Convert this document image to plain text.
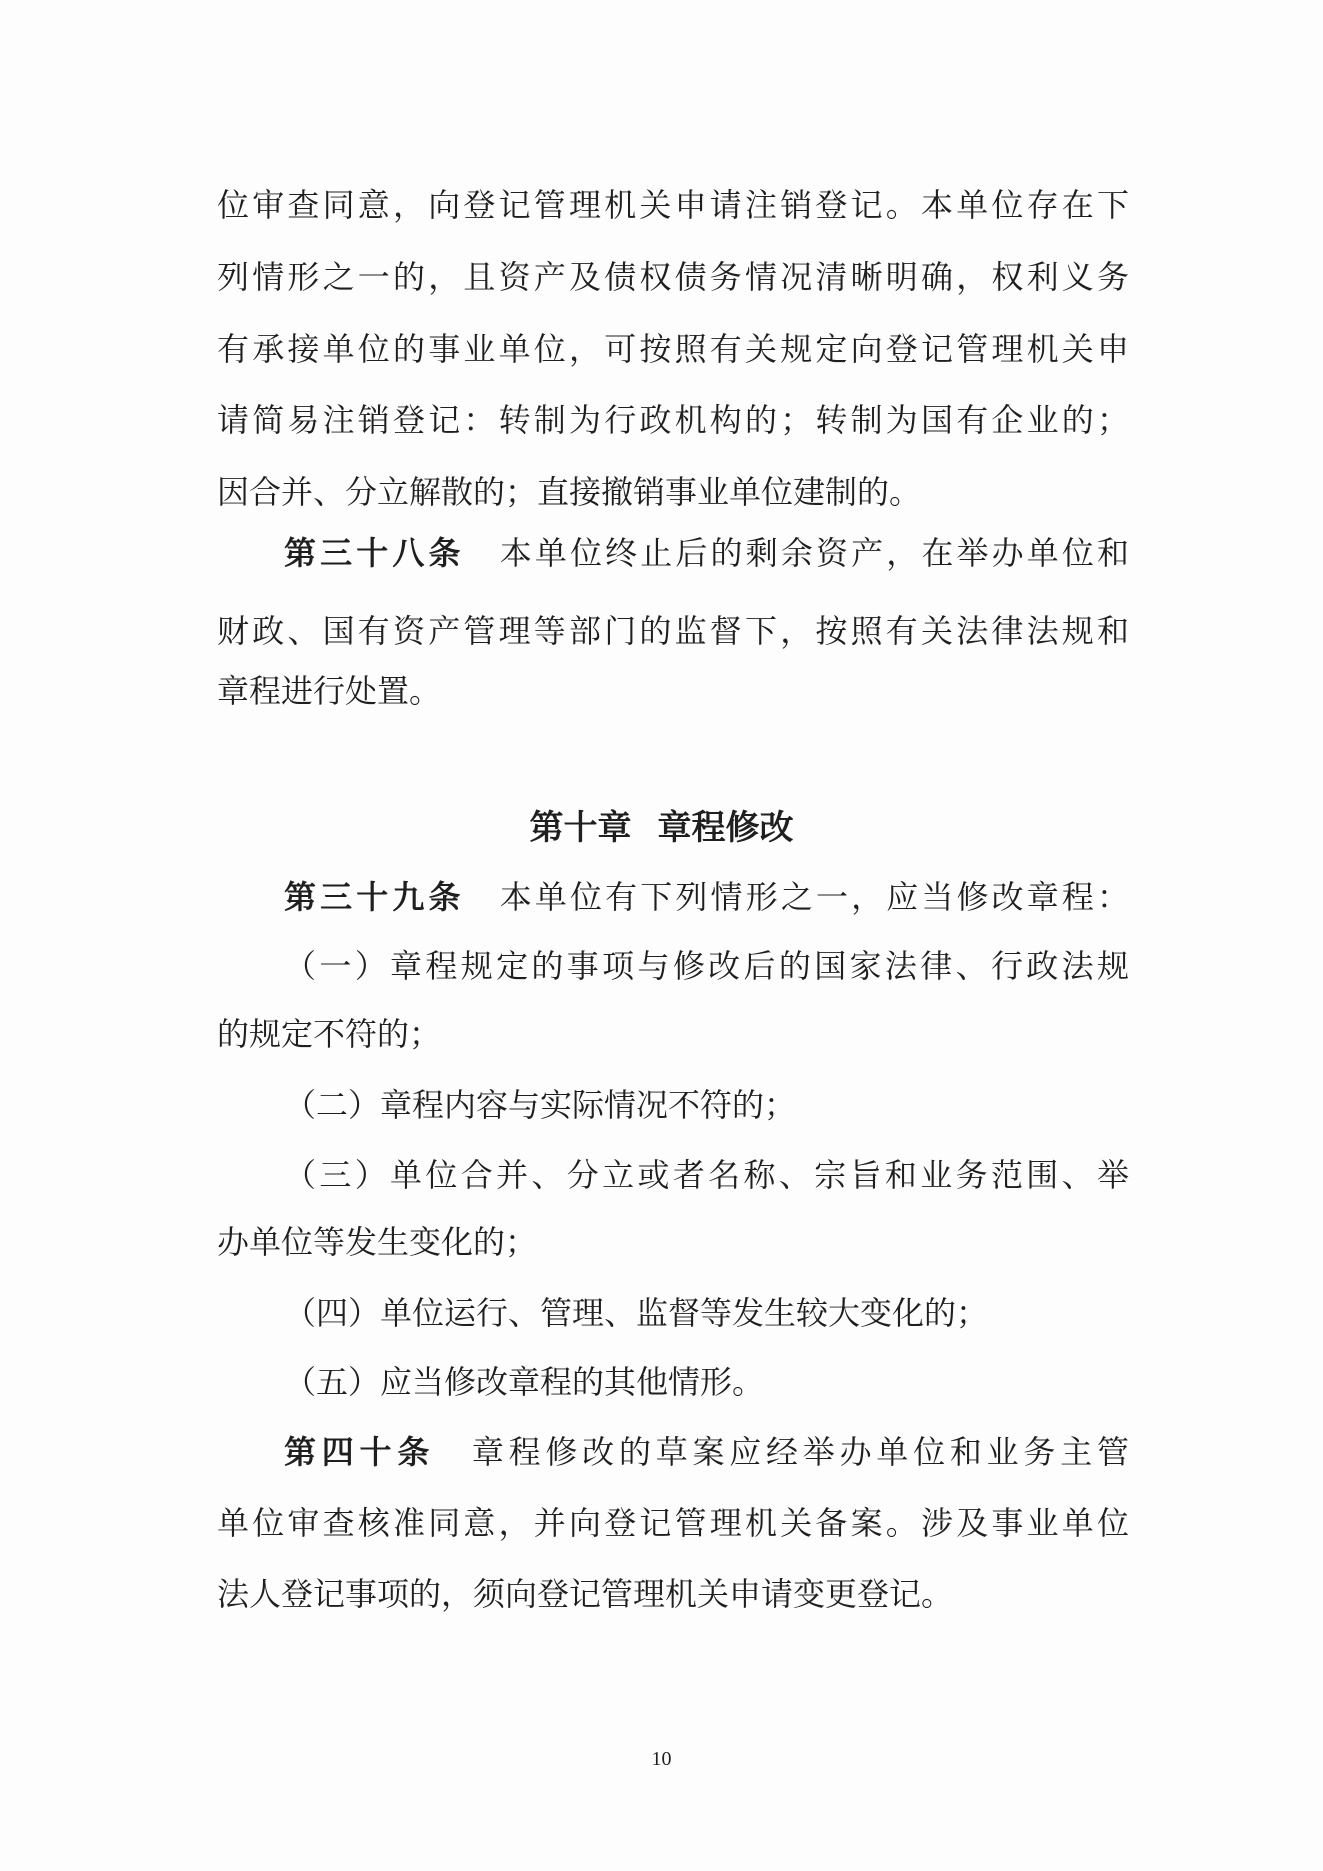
位审查同意，向登记管理机关申请注销登记。本单位存在下
列情形之一的，且资产及债权债务情况清晰明确，权利义务
有承接单位的事业单位，可按照有关规定向登记管理机关申
请简易注销登记：转制为行政机构的；转制为国有企业的；
因合并、分立解散的；直接撤销事业单位建制的。
第三十八条 本单位终止后的剩余资产，在举办单位和
财政、国有资产管理等部门的监督下，按照有关法律法规和
章程进行处置。
第十章 章程修改
第三十九条 本单位有下列情形之一，应当修改章程：
（一）章程规定的事项与修改后的国家法律、行政法规
的规定不符的；
（二）章程内容与实际情况不符的；
（三）单位合并、分立或者名称、宗旨和业务范围、举
办单位等发生变化的；
（四）单位运行、管理、监督等发生较大变化的；
（五）应当修改章程的其他情形。
第四十条 章程修改的草案应经举办单位和业务主管
单位审查核准同意，并向登记管理机关备案。涉及事业单位
法人登记事项的，须向登记管理机关申请变更登记。
10
